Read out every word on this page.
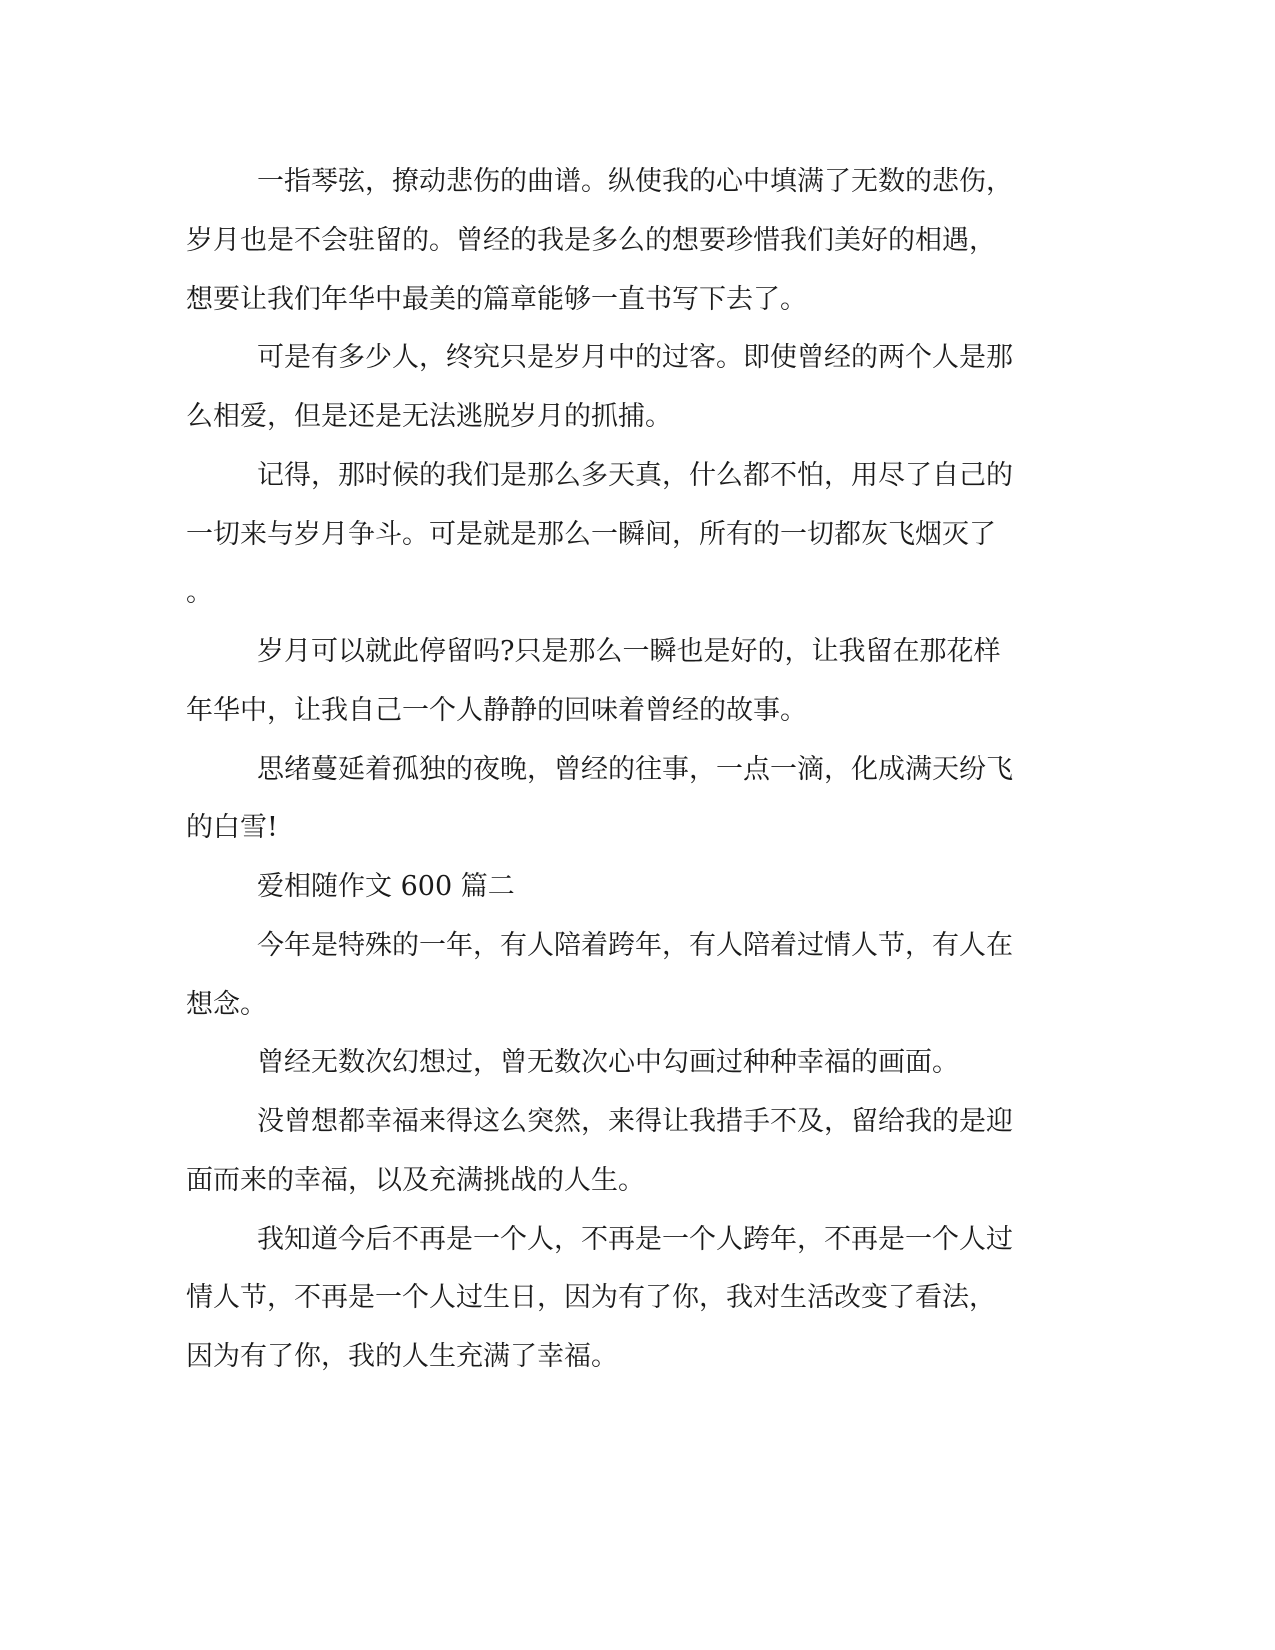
一指琴弦，撩动悲伤的曲谱。纵使我的心中填满了无数的悲伤，
岁月也是不会驻留的。曾经的我是多么的想要珍惜我们美好的相遇，
想要让我们年华中最美的篇章能够一直书写下去了。
可是有多少人，终究只是岁月中的过客。即使曾经的两个人是那
么相爱，但是还是无法逃脱岁月的抓捕。
记得，那时候的我们是那么多天真，什么都不怕，用尽了自己的
一切来与岁月争斗。可是就是那么一瞬间，所有的一切都灰飞烟灭了
。
岁月可以就此停留吗?只是那么一瞬也是好的，让我留在那花样
年华中，让我自己一个人静静的回味着曾经的故事。
思绪蔓延着孤独的夜晚，曾经的往事，一点一滴，化成满天纷飞
的白雪!
爱相随作文 600 篇二
今年是特殊的一年，有人陪着跨年，有人陪着过情人节，有人在
想念。
曾经无数次幻想过，曾无数次心中勾画过种种幸福的画面。
没曾想都幸福来得这么突然，来得让我措手不及，留给我的是迎
面而来的幸福，以及充满挑战的人生。
我知道今后不再是一个人，不再是一个人跨年，不再是一个人过
情人节，不再是一个人过生日，因为有了你，我对生活改变了看法，
因为有了你，我的人生充满了幸福。
